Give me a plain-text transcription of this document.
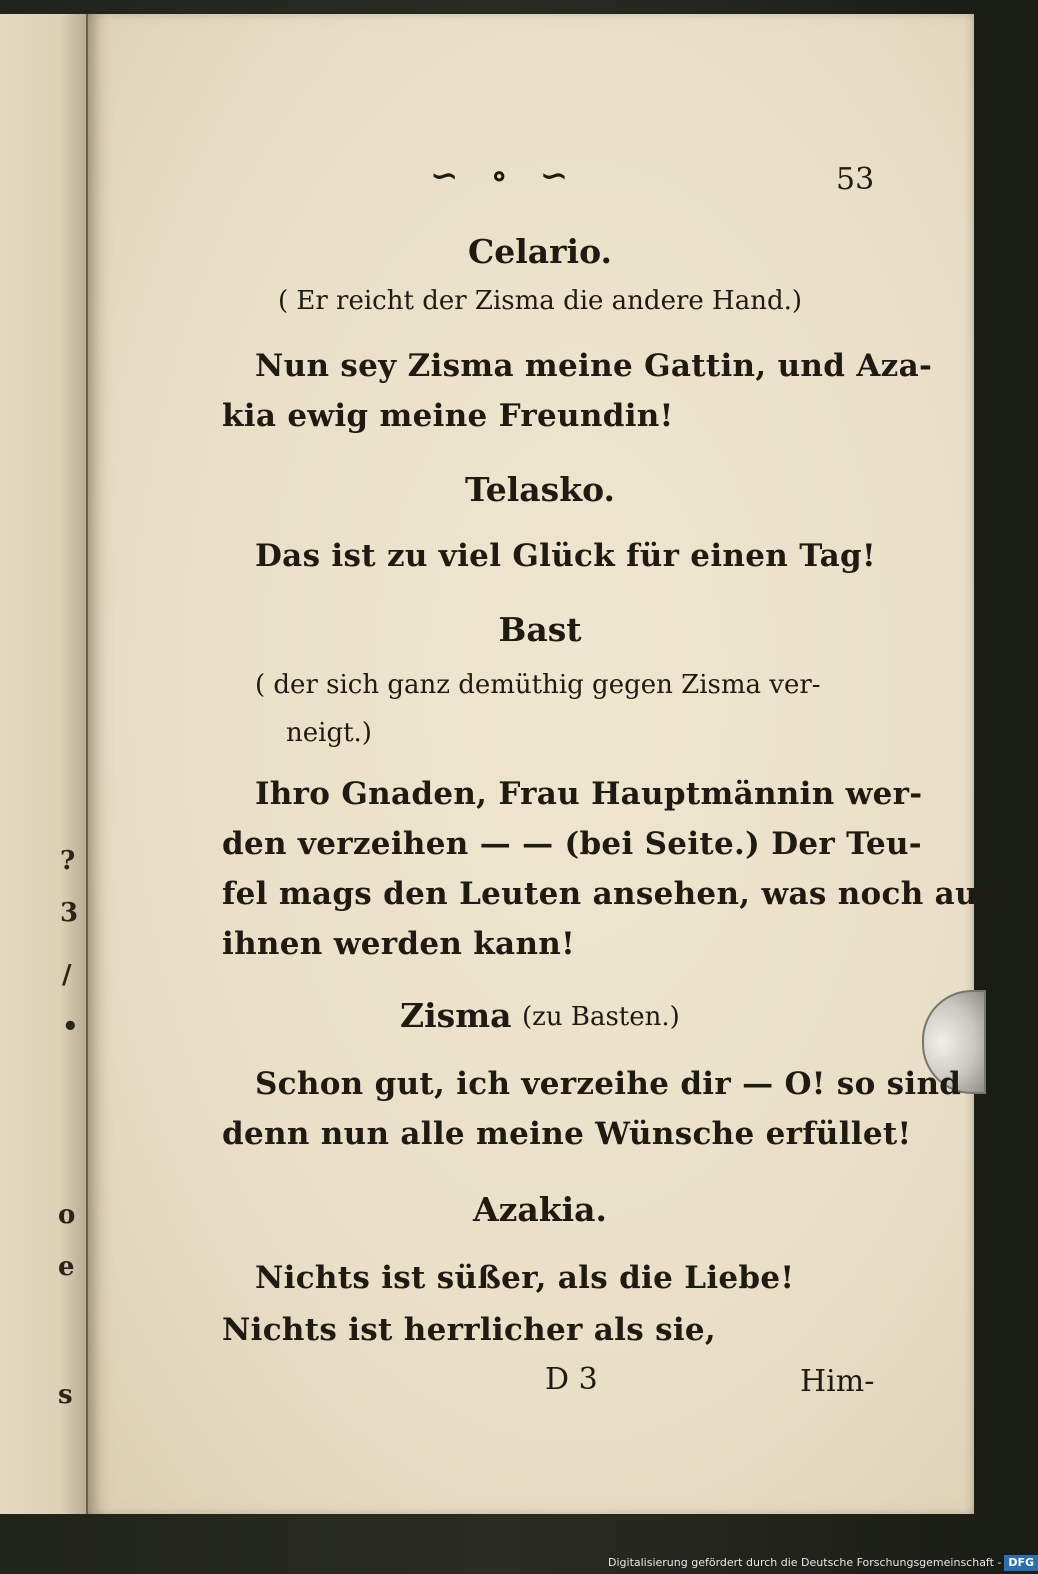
?
3
/
•
o
e
s
∽ ∘ ∽	53
Celario.
( Er reicht der Zisma die andere Hand.)
Nun sey Zisma meine Gattin, und Aza-
kia ewig meine Freundin!
Telasko.
Das ist zu viel Glück für einen Tag!
Bast
( der sich ganz demüthig gegen Zisma ver-
neigt.)
Ihro Gnaden, Frau Hauptmännin wer-
den verzeihen — — (bei Seite.) Der Teu-
fel mags den Leuten ansehen, was noch aus
ihnen werden kann!
Zisma (zu Basten.)
Schon gut, ich verzeihe dir — O! so sind
denn nun alle meine Wünsche erfüllet!
Azakia.
Nichts ist süßer, als die Liebe!
Nichts ist herrlicher als sie,
D 3	Him-
Digitalisierung gefördert durch die Deutsche Forschungsgemeinschaft - DFG
